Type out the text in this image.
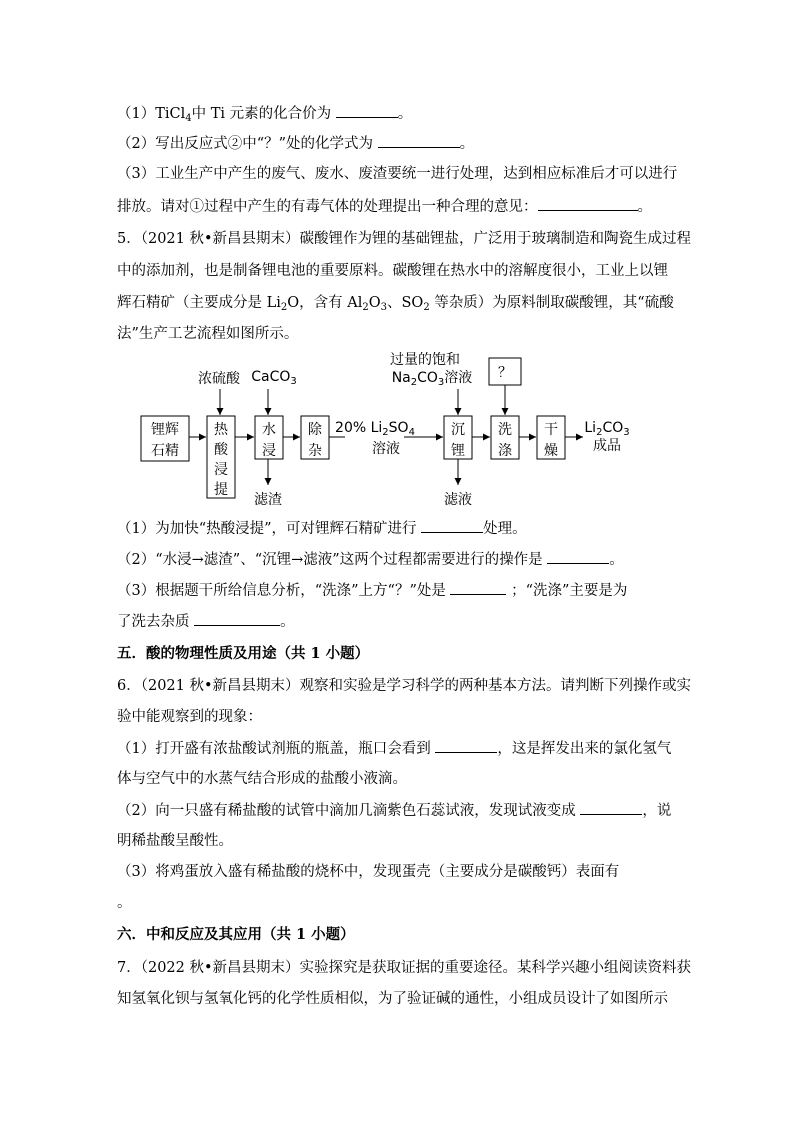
（1）TiCl$_4$中 Ti 元素的化合价为	。
（2）写出反应式②中“？”处的化学式为	。
（3）工业生产中产生的废气、废水、废渣要统一进行处理，达到相应标准后才可以进行
排放。请对①过程中产生的有毒气体的处理提出一种合理的意见：	。
5．（2021 秋•新昌县期末）碳酸锂作为锂的基础锂盐，广泛用于玻璃制造和陶瓷生成过程
中的添加剂，也是制备锂电池的重要原料。碳酸锂在热水中的溶解度很小，工业上以锂
辉石精矿（主要成分是 $Li_2O$，含有 $Al_2O_3$、$SO_2$ 等杂质）为原料制取碳酸锂，其“硫酸
法”生产工艺流程如图所示。
锂辉
石精
热
酸
浸
提
水
浸
除
杂
沉
锂
洗
涤
干
燥
？
浓硫酸 CaCO$_3$
过量的饱和
$Na_2CO_3$溶液
20% $Li_2SO_4$
溶液
滤渣	滤液
$Li_2CO_3$
成品
（1）为加快“热酸浸提”，可对锂辉石精矿进行	处理。
（2）“水浸→滤渣”、“沉锂→滤液”这两个过程都需要进行的操作是	。
（3）根据题干所给信息分析，“洗涤”上方“？”处是	；“洗涤”主要是为
了洗去杂质	。
五．酸的物理性质及用途（共 1 小题）
6．（2021 秋•新昌县期末）观察和实验是学习科学的两种基本方法。请判断下列操作或实
验中能观察到的现象：
（1）打开盛有浓盐酸试剂瓶的瓶盖，瓶口会看到	，这是挥发出来的氯化氢气
体与空气中的水蒸气结合形成的盐酸小液滴。
（2）向一只盛有稀盐酸的试管中滴加几滴紫色石蕊试液，发现试液变成	，说
明稀盐酸呈酸性。
（3）将鸡蛋放入盛有稀盐酸的烧杯中，发现蛋壳（主要成分是碳酸钙）表面有
。
六．中和反应及其应用（共 1 小题）
7．（2022 秋•新昌县期末）实验探究是获取证据的重要途径。某科学兴趣小组阅读资料获
知氢氧化钡与氢氧化钙的化学性质相似，为了验证碱的通性，小组成员设计了如图所示
